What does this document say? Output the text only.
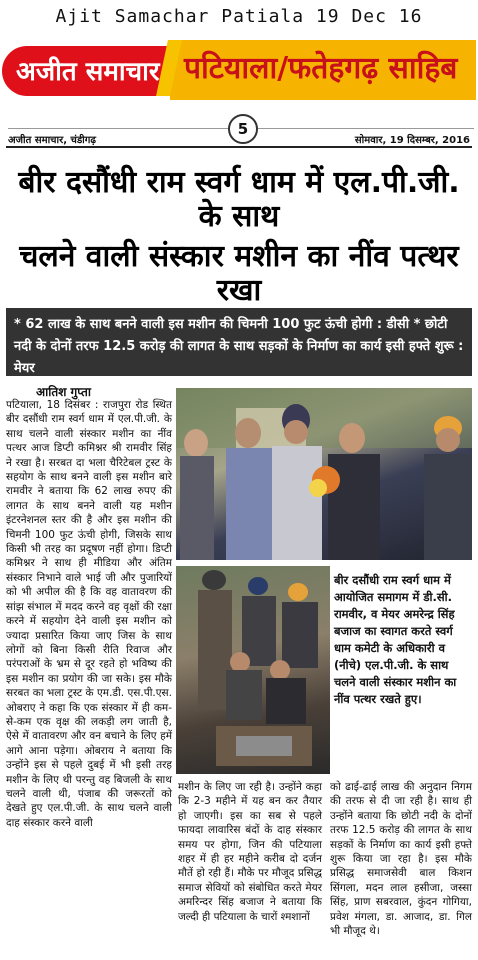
Ajit Samachar Patiala 19 Dec 16
अजीत समाचार पटियाला/फतेहगढ़ साहिब
अजीत समाचार, चंडीगढ़	सोमवार, 19 दिसम्बर, 2016
5
बीर दसौंधी राम स्वर्ग धाम में एल.पी.जी. के साथ
चलने वाली संस्कार मशीन का नींव पत्थर रखा
* 62 लाख के साथ बनने वाली इस मशीन की चिमनी 100 फुट ऊंची होगी : डीसी * छोटी नदी के दोनों तरफ 12.5 करोड़ की लागत के साथ सड़कों के निर्माण का कार्य इसी हफ्ते शुरू : मेयर
आतिश गुप्ता
पटियाला, 18 दिसंबर : राजपुरा रोड स्थित बीर दसौंधी राम स्वर्ग धाम में एल.पी.जी. के साथ चलने वाली संस्कार मशीन का नींव पत्थर आज डिप्टी कमिश्नर श्री रामवीर सिंह ने रखा है। सरबत दा भला चैरिटेबल ट्रस्ट के सहयोग के साथ बनने वाली इस मशीन बारे रामवीर ने बताया कि 62 लाख रुपए की लागत के साथ बनने वाली यह मशीन इंटरनेशनल स्तर की है और इस मशीन की चिमनी 100 फुट ऊंची होगी, जिसके साथ किसी भी तरह का प्रदूषण नहीं होगा। डिप्टी कमिश्नर ने साथ ही मीडिया और अंतिम संस्कार निभाने वाले भाई जी और पुजारियों को भी अपील की है कि वह वातावरण की सांझ संभाल में मदद करने वह वृक्षों की रक्षा करने में सहयोग देने वाली इस मशीन को ज्यादा प्रसारित किया जाए जिस के साथ लोगों को बिना किसी रीति रिवाज और परंपराओं के भ्रम से दूर रहते हो भविष्य की इस मशीन का प्रयोग की जा सके। इस मौके सरबत का भला ट्रस्ट के एम.डी. एस.पी.एस. ओबराए ने कहा कि एक संस्कार में ही कम-से-कम एक वृक्ष की लकड़ी लग जाती है, ऐसे में वातावरण और वन बचाने के लिए हमें आगे आना पड़ेगा। ओबराय ने बताया कि उन्होंने इस से पहले दुबई में भी इसी तरह मशीन के लिए थी परन्तु वह बिजली के साथ चलने वाली थी, पंजाब की जरूरतों को देखते हुए एल.पी.जी. के साथ चलने वाली दाह संस्कार करने वाली
बीर दसौंधी राम स्वर्ग धाम में आयोजित समागम में डी.सी. रामवीर, व मेयर अमरेन्द्र सिंह बजाज का स्वागत करते स्वर्ग धाम कमेटी के अधिकारी व (नीचे) एल.पी.जी. के साथ चलने वाली संस्कार मशीन का नींव पत्थर रखते हुए।
मशीन के लिए जा रही है। उन्होंने कहा कि 2-3 महीने में यह बन कर तैयार हो जाएगी। इस का सब से पहले फायदा लावारिस बंदों के दाह संस्कार समय पर होगा, जिन की पटियाला शहर में ही हर महीने करीब दो दर्जन मौतें हो रही हैं। मौके पर मौजूद प्रसिद्ध समाज सेवियों को संबोधित करते मेयर अमरिन्दर सिंह बजाज ने बताया कि जल्दी ही पटियाला के चारों श्मशानों
को ढाई-ढाई लाख की अनुदान निगम की तरफ से दी जा रही है। साथ ही उन्होंने बताया कि छोटी नदी के दोनों तरफ 12.5 करोड़ की लागत के साथ सड़कों के निर्माण का कार्य इसी हफ्ते शुरू किया जा रहा है। इस मौके प्रसिद्ध समाजसेवी बाल किशन सिंगला, मदन लाल हसीजा, जस्सा सिंह, प्राण सबरवाल, कुंदन गोगिया, प्रवेश मंगला, डा. आजाद, डा. गिल भी मौजूद थे।
